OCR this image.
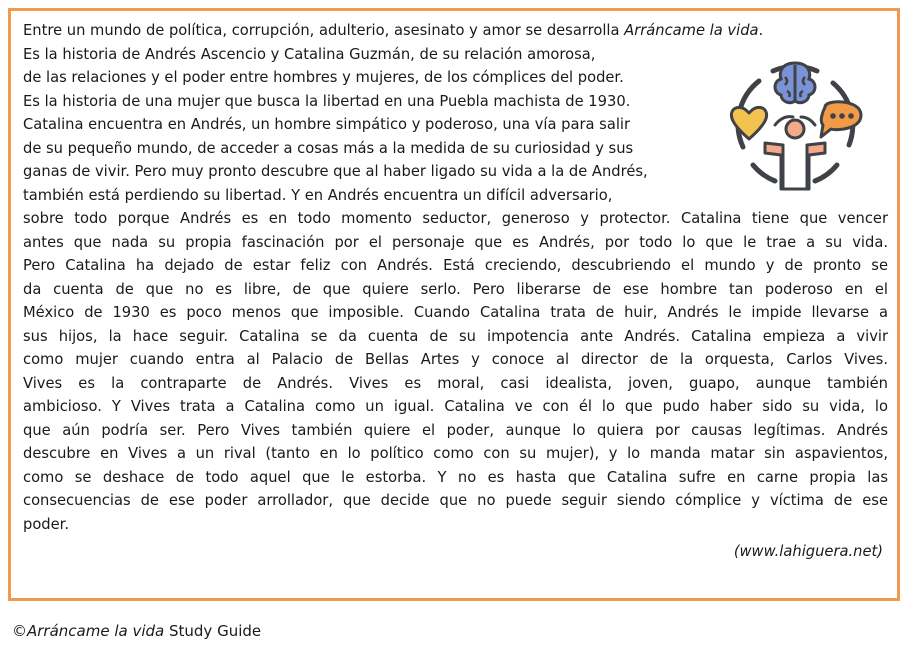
Entre un mundo de política, corrupción, adulterio, asesinato y amor se desarrolla Arráncame la vida.
Es la historia de Andrés Ascencio y Catalina Guzmán, de su relación amorosa,
de las relaciones y el poder entre hombres y mujeres, de los cómplices del poder.
Es la historia de una mujer que busca la libertad en una Puebla machista de 1930.
Catalina encuentra en Andrés, un hombre simpático y poderoso, una vía para salir
de su pequeño mundo, de acceder a cosas más a la medida de su curiosidad y sus
ganas de vivir. Pero muy pronto descubre que al haber ligado su vida a la de Andrés,
también está perdiendo su libertad. Y en Andrés encuentra un difícil adversario,
sobre todo porque Andrés es en todo momento seductor, generoso y protector. Catalina tiene que vencer
antes que nada su propia fascinación por el personaje que es Andrés, por todo lo que le trae a su vida.
Pero Catalina ha dejado de estar feliz con Andrés. Está creciendo, descubriendo el mundo y de pronto se
da cuenta de que no es libre, de que quiere serlo. Pero liberarse de ese hombre tan poderoso en el
México de 1930 es poco menos que imposible. Cuando Catalina trata de huir, Andrés le impide llevarse a
sus hijos, la hace seguir. Catalina se da cuenta de su impotencia ante Andrés. Catalina empieza a vivir
como mujer cuando entra al Palacio de Bellas Artes y conoce al director de la orquesta, Carlos Vives.
Vives es la contraparte de Andrés. Vives es moral, casi idealista, joven, guapo, aunque también
ambicioso. Y Vives trata a Catalina como un igual. Catalina ve con él lo que pudo haber sido su vida, lo
que aún podría ser. Pero Vives también quiere el poder, aunque lo quiera por causas legítimas. Andrés
descubre en Vives a un rival (tanto en lo político como con su mujer), y lo manda matar sin aspavientos,
como se deshace de todo aquel que le estorba. Y no es hasta que Catalina sufre en carne propia las
consecuencias de ese poder arrollador, que decide que no puede seguir siendo cómplice y víctima de ese
poder.
(www.lahiguera.net)
©Arráncame la vida Study Guide
